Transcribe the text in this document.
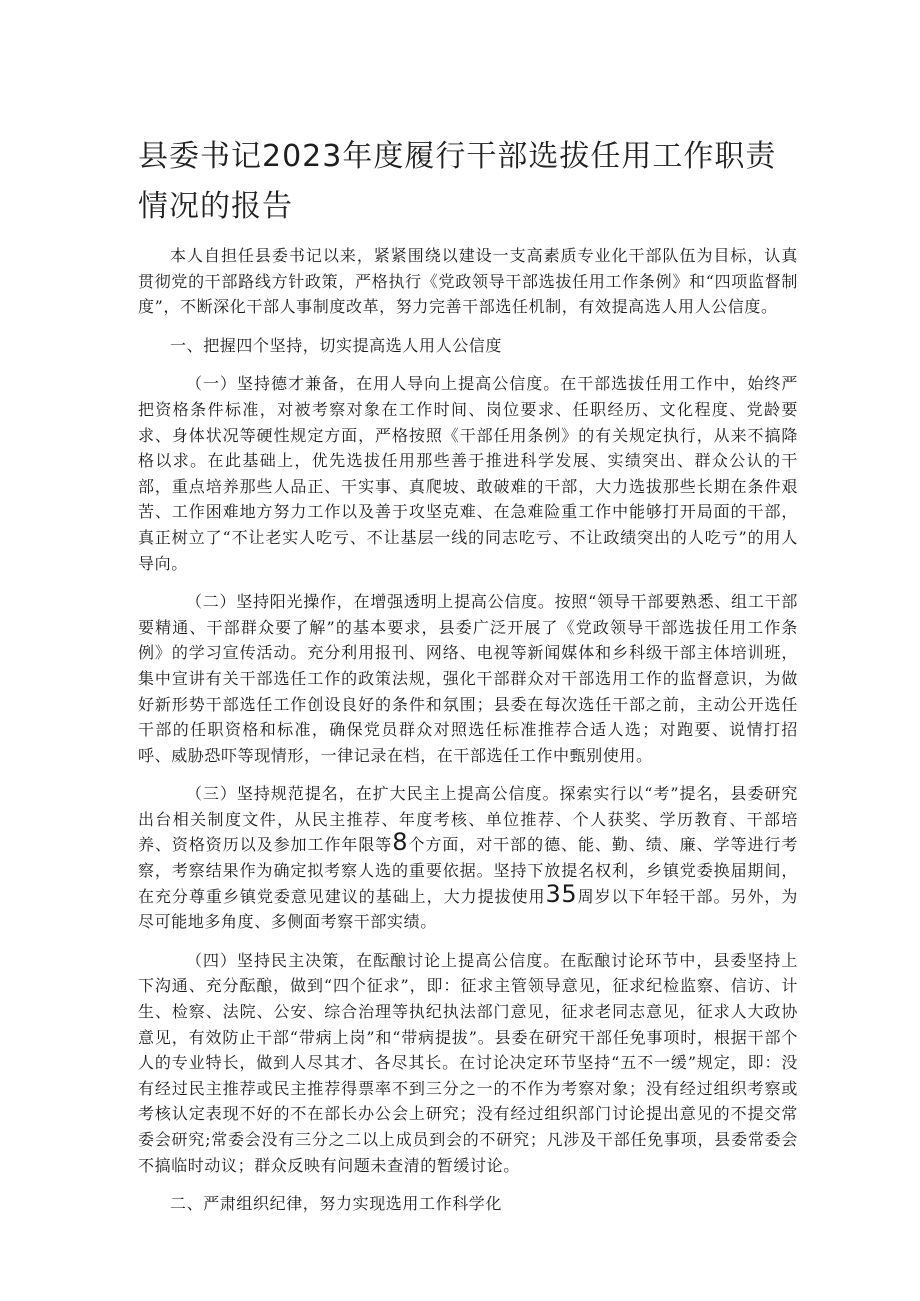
县委书记2023年度履行干部选拔任用工作职责情况的报告

本人自担任县委书记以来，紧紧围绕以建设一支高素质专业化干部队伍为目标，认真贯彻党的干部路线方针政策，严格执行《党政领导干部选拔任用工作条例》和“四项监督制度”，不断深化干部人事制度改革，努力完善干部选任机制，有效提高选人用人公信度。

一、把握四个坚持，切实提高选人用人公信度

（一）坚持德才兼备，在用人导向上提高公信度。在干部选拔任用工作中，始终严把资格条件标准，对被考察对象在工作时间、岗位要求、任职经历、文化程度、党龄要求、身体状况等硬性规定方面，严格按照《干部任用条例》的有关规定执行，从来不搞降格以求。在此基础上，优先选拔任用那些善于推进科学发展、实绩突出、群众公认的干部，重点培养那些人品正、干实事、真爬坡、敢破难的干部，大力选拔那些长期在条件艰苦、工作困难地方努力工作以及善于攻坚克难、在急难险重工作中能够打开局面的干部，真正树立了“不让老实人吃亏、不让基层一线的同志吃亏、不让政绩突出的人吃亏”的用人导向。

（二）坚持阳光操作，在增强透明上提高公信度。按照“领导干部要熟悉、组工干部要精通、干部群众要了解”的基本要求，县委广泛开展了《党政领导干部选拔任用工作条例》的学习宣传活动。充分利用报刊、网络、电视等新闻媒体和乡科级干部主体培训班，集中宣讲有关干部选任工作的政策法规，强化干部群众对干部选用工作的监督意识，为做好新形势干部选任工作创设良好的条件和氛围；县委在每次选任干部之前，主动公开选任干部的任职资格和标准，确保党员群众对照选任标准推荐合适人选；对跑要、说情打招呼、威胁恐吓等现情形，一律记录在档，在干部选任工作中甄别使用。

（三）坚持规范提名，在扩大民主上提高公信度。探索实行以“考”提名，县委研究出台相关制度文件，从民主推荐、年度考核、单位推荐、个人获奖、学历教育、干部培养、资格资历以及参加工作年限等8个方面，对干部的德、能、勤、绩、廉、学等进行考察，考察结果作为确定拟考察人选的重要依据。坚持下放提名权利，乡镇党委换届期间，在充分尊重乡镇党委意见建议的基础上，大力提拔使用35周岁以下年轻干部。另外，为尽可能地多角度、多侧面考察干部实绩。

（四）坚持民主决策，在酝酿讨论上提高公信度。在酝酿讨论环节中，县委坚持上下沟通、充分酝酿，做到“四个征求”，即：征求主管领导意见，征求纪检监察、信访、计生、检察、法院、公安、综合治理等执纪执法部门意见，征求老同志意见，征求人大政协意见，有效防止干部“带病上岗”和“带病提拔”。县委在研究干部任免事项时，根据干部个人的专业特长，做到人尽其才、各尽其长。在讨论决定环节坚持“五不一缓”规定，即：没有经过民主推荐或民主推荐得票率不到三分之一的不作为考察对象；没有经过组织考察或考核认定表现不好的不在部长办公会上研究；没有经过组织部门讨论提出意见的不提交常委会研究;常委会没有三分之二以上成员到会的不研究；凡涉及干部任免事项，县委常委会不搞临时动议；群众反映有问题未查清的暂缓讨论。

二、严肃组织纪律，努力实现选用工作科学化
